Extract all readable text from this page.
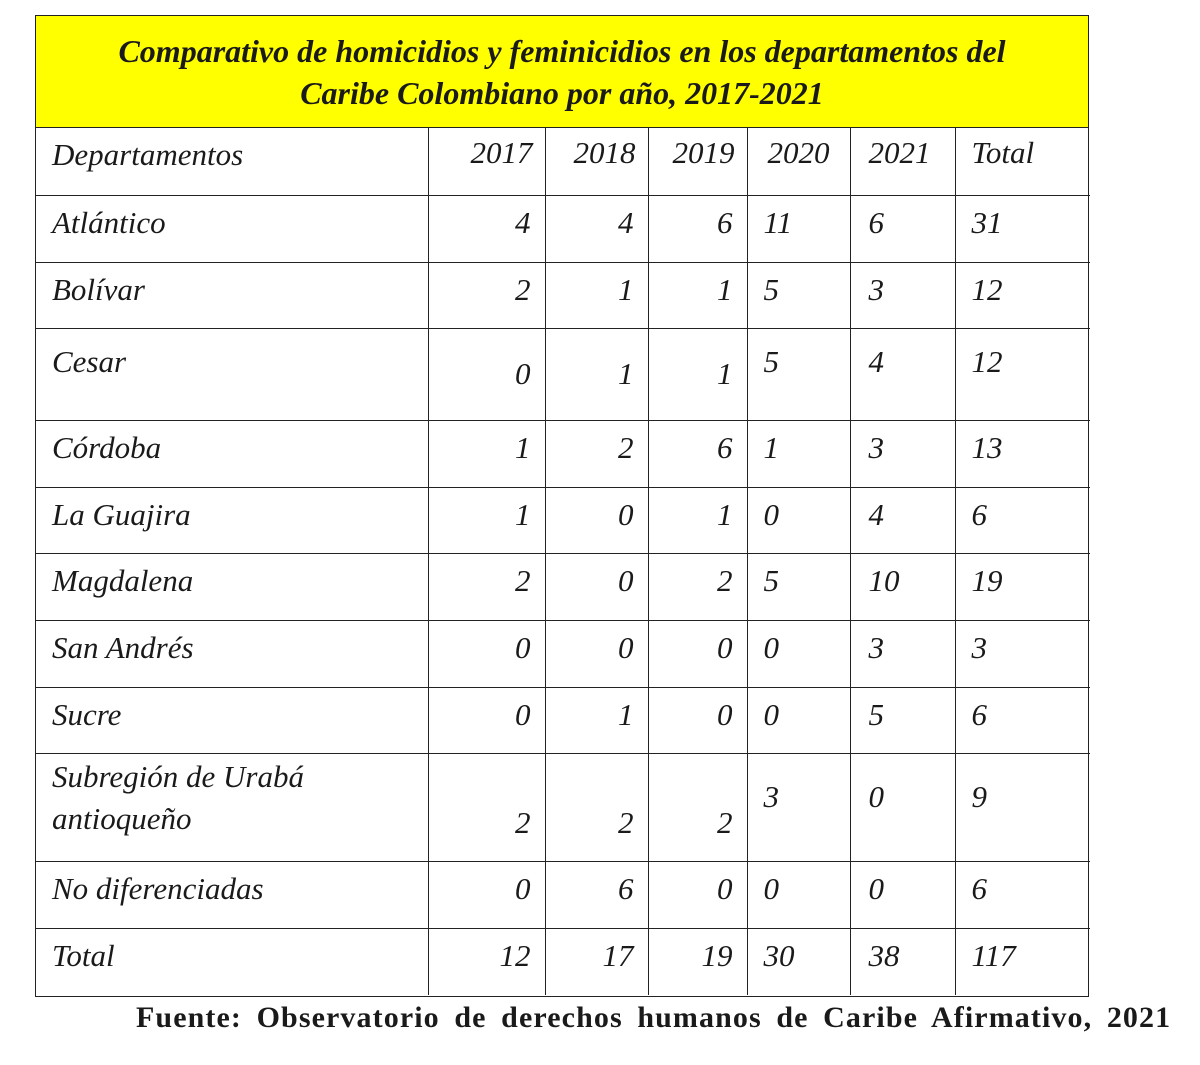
Comparativo de homicidios y feminicidios en los departamentos del
Caribe Colombiano por año, 2017-2021
Departamentos	2017	2018	2019	2020	2021	Total

Atlántico	4	4	6	11	6	31

Bolívar	2	1	1	5	3	12

Cesar	0	1	1	5	4	12

Córdoba	1	2	6	1	3	13

La Guajira	1	0	1	0	4	6

Magdalena	2	0	2	5	10	19

San Andrés	0	0	0	0	3	3

Sucre	0	1	0	0	5	6

Subregión de Urabá
antioqueño	2	2	2	3	0	9

No diferenciadas	0	6	0	0	0	6

Total	12	17	19	30	38	117
Fuente: Observatorio de derechos humanos de Caribe Afirmativo, 2021
